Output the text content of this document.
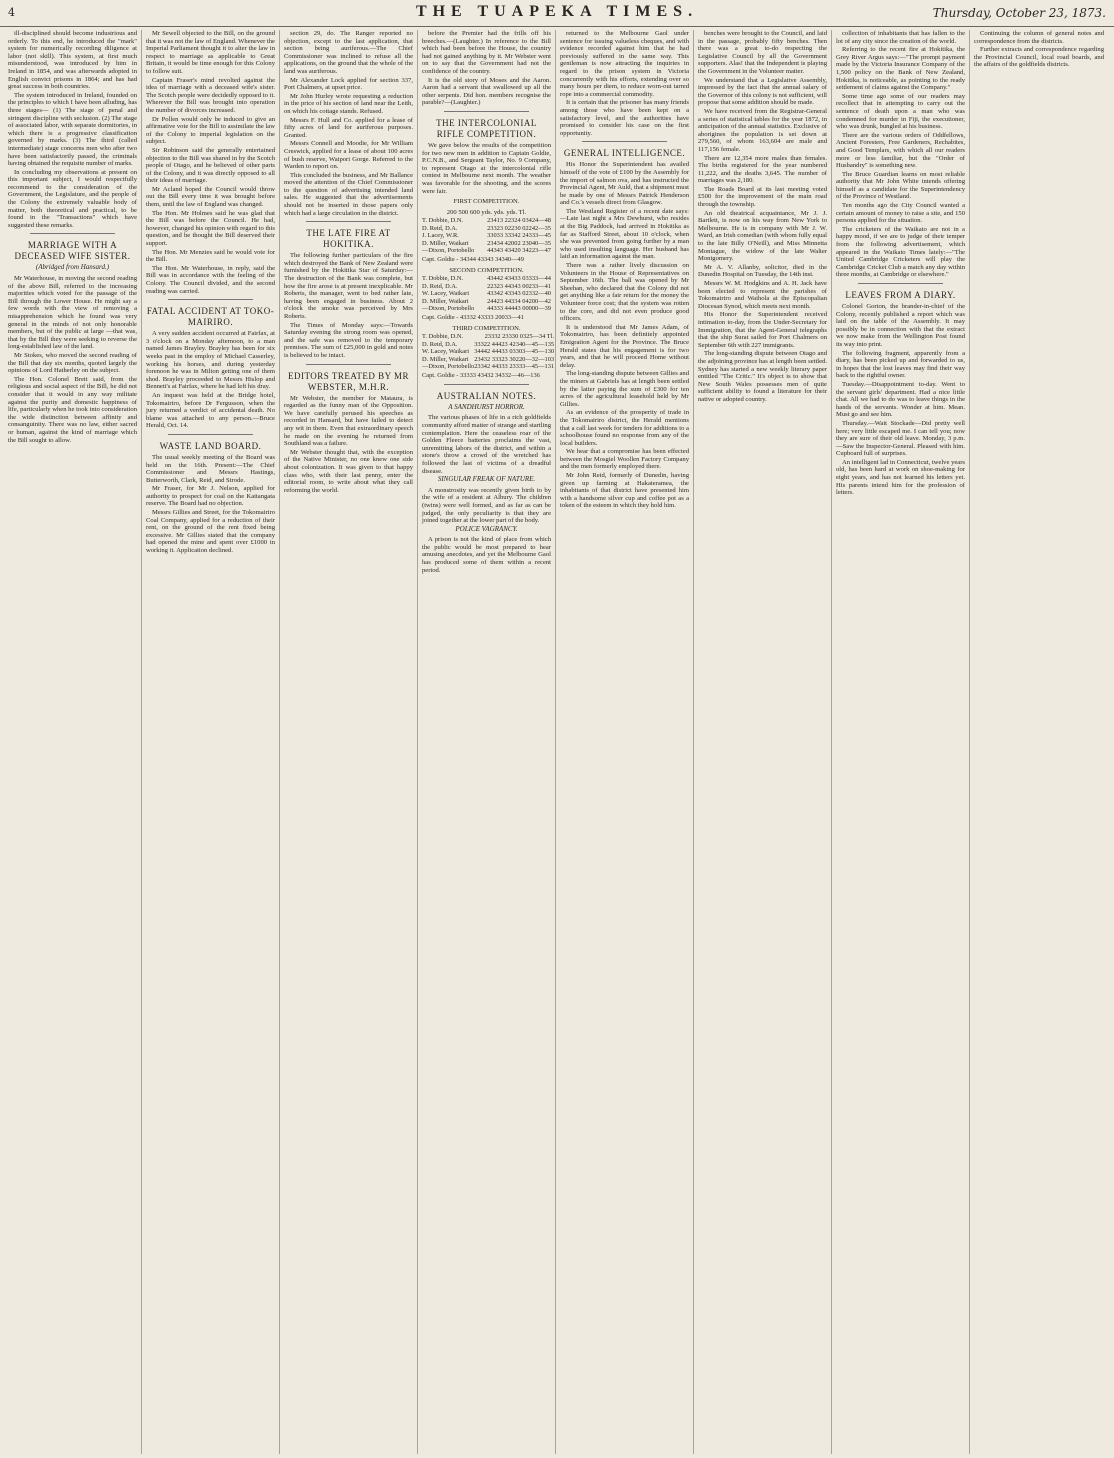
4	THE TUAPEKA TIMES.	Thursday, October 23, 1873.

ill-disciplined should become industrious and orderly. To this end, he introduced the "mark" system for numerically recording diligence at labor (not skill). This system, at first much misunderstood, was introduced by him in Ireland in 1854, and was afterwards adopted in English convict prisons in 1864; and has had great success in both countries.

The system introduced in Ireland, founded on the principles to which I have been alluding, has three stages— (1) The stage of penal and stringent discipline with seclusion. (2) The stage of associated labor, with separate dormitories, in which there is a progressive classification governed by marks. (3) The third (called intermediate) stage concerns men who after two have been satisfactorily passed, the criminals having obtained the requisite number of marks.

In concluding my observations at present on this important subject, I would respectfully recommend to the consideration of the Government, the Legislature, and the people of the Colony the extremely valuable body of matter, both theoretical and practical, to be found in the "Transactions" which have suggested these remarks.

MARRIAGE WITH A DECEASED WIFE SISTER.
(Abridged from Hansard.)

Mr Waterhouse, in moving the second reading of the above Bill, referred to the increasing majorities which voted for the passage of the Bill through the Lower House. He might say a few words with the view of removing a misapprehension which he found was very general in the minds of not only honorable members, but of the public at large —that was, that by the Bill they were seeking to reverse the long-established law of the land.

Mr Stokes, who moved the second reading of the Bill that day six months, quoted largely the opinions of Lord Hatherley on the subject.

The Hon. Colonel Brett said, from the religious and social aspect of the Bill, he did not consider that it would in any way militate against the purity and domestic happiness of life, particularly when he took into consideration the wide distinction between affinity and consanguinity. There was no law, either sacred or human, against the kind of marriage which the Bill sought to allow.

Mr Sewell objected to the Bill, on the ground that it was not the law of England. Whenever the Imperial Parliament thought it to alter the law in respect to marriage as applicable to Great Britain, it would be time enough for this Colony to follow suit.

Captain Fraser's mind revolted against the idea of marriage with a deceased wife's sister. The Scotch people were decidedly opposed to it. Wherever the Bill was brought into operation the number of divorces increased.

Dr Pollen would only be induced to give an affirmative vote for the Bill to assimilate the law of the Colony to imperial legislation on the subject.

Sir Robinson said the generally entertained objection to the Bill was shared in by the Scotch people of Otago, and he believed of other parts of the Colony, and it was directly opposed to all their ideas of marriage.

Mr Acland hoped the Council would throw out the Bill every time it was brought before them, until the law of England was changed.

The Hon. Mr Holmes said he was glad that the Bill was before the Council. He had, however, changed his opinion with regard to this question, and he thought the Bill deserved their support.

The Hon. Mr Menzies said he would vote for the Bill.

The Hon. Mr Waterhouse, in reply, said the Bill was in accordance with the feeling of the Colony. The Council divided, and the second reading was carried.

FATAL ACCIDENT AT TOKO-MAIRIRO.

A very sudden accident occurred at Fairfax, at 3 o'clock on a Monday afternoon, to a man named James Brayley. Brayley has been for six weeks past in the employ of Michael Casserley, working his horses, and during yesterday forenoon he was in Milton getting one of them shod. Brayley proceeded to Messrs Hislop and Bennett's at Fairfax, where he had left his dray.

An inquest was held at the Bridge hotel, Tokomairiro, before Dr Fergusson, when the jury returned a verdict of accidental death. No blame was attached to any person.—Bruce Herald, Oct. 14.

WASTE LAND BOARD.

The usual weekly meeting of the Board was held on the 16th. Present:—The Chief Commissioner and Messrs Hastings, Butterworth, Clark, Reid, and Strode.

Mr Fraser, for Mr J. Nelson, applied for authority to prospect for coal on the Kaitangata reserve. The Board had no objection.

Messrs Gillies and Street, for the Tokomairiro Coal Company, applied for a reduction of their rent, on the ground of the rent fixed being excessive. Mr Gillies stated that the company had opened the mine and spent over £1000 in working it. Application declined.

section 29, do. The Ranger reported no objection, except to the last application, that section being auriferous.—The Chief Commissioner was inclined to refuse all the applications, on the ground that the whole of the land was auriferous.

Mr Alexander Lock applied for section 337, Port Chalmers, at upset price.

Mr John Hurley wrote requesting a reduction in the price of his section of land near the Leith, on which his cottage stands. Refused.

Messrs F. Hull and Co. applied for a lease of fifty acres of land for auriferous purposes. Granted.

Messrs Connell and Moodie, for Mr William Creswick, applied for a lease of about 100 acres of bush reserve, Waipori Gorge. Referred to the Warden to report on.

This concluded the business, and Mr Ballance moved the attention of the Chief Commissioner to the question of advertising intended land sales. He suggested that the advertisements should not be inserted in those papers only which had a large circulation in the district.

THE LATE FIRE AT HOKITIKA.

The following further particulars of the fire which destroyed the Bank of New Zealand were furnished by the Hokitika Star of Saturday:— The destruction of the Bank was complete, but how the fire arose is at present inexplicable. Mr Roberts, the manager, went to bed rather late, having been engaged in business. About 2 o'clock the smoke was perceived by Mrs Roberts.

The Times of Monday says:—Towards Saturday evening the strong room was opened, and the safe was removed to the temporary premises. The sum of £25,000 in gold and notes is believed to be intact.

EDITORS TREATED BY MR WEBSTER, M.H.R.

Mr Webster, the member for Mataura, is regarded as the funny man of the Opposition. We have carefully perused his speeches as recorded in Hansard, but have failed to detect any wit in them. Even that extraordinary speech he made on the evening he returned from Southland was a failure.

Mr Webster thought that, with the exception of the Native Minister, no one knew one side about colonization. It was given to that happy class who, with their last penny, enter the editorial room, to write about what they call reforming the world.

before the Premier had the frills off his breeches.—(Laughter.) In reference to the Bill which had been before the House, the country had not gained anything by it. Mr Webster went on to say that the Government had not the confidence of the country.

It is the old story of Moses and the Aaron. Aaron had a servant that swallowed up all the other serpents. Did hon. members recognise the parable?—(Laughter.)

THE INTERCOLONIAL RIFLE COMPETITION.

We gave below the results of the competition for two new men in addition to Captain Goldie, P.C.N.B., and Sergeant Taylor, No. 9 Company, to represent Otago at the intercolonial rifle contest in Melbourne next month. The weather was favorable for the shooting, and the scores were fair.

FIRST COMPETITION.
200 500 600 yds. yds. yds. Tl.
T. Dobbie, D.N.	23413 22324 03424—48
D. Reid, D.A.	23323 02230 02242—35
J. Lacey, W.R.	33033 33342 24333—45
D. Miller, Waikari	23434 42002 23040—35
—Dixon, Portobello	44343 43420 34223—47
Capt. Goldie - 34344 43343 34340—49	
SECOND COMPETITION.
T. Dobbie, D.N.	43442 43433 03333—44
D. Reid, D.A.	22323 44343 00233—41
W. Lacey, Waikari	43342 43343 02332—40
D. Miller, Waikari	24423 44334 04200—42
—Dixon, Portobello	44333 44443 00000—39
Capt. Goldie - 43332 43333 20033—41	
THIRD COMPETITION.
T. Dobbie, D.N.	23332 23330 0325—34 Tl.
D. Reid, D.A.	33322 44423 42340—45—135
W. Lacey, Waikari	34442 44433 03303—45—130
D. Miller, Waikari	23432 33323 30220—32—103
—Dixon, Portobello	23342 44333 23333—45—131
Capt. Goldie - 33333 43432 34332—46—136	
AUSTRALIAN NOTES.
A SANDHURST HORROR.

The various phases of life in a rich goldfields community afford matter of strange and startling contemplation. Here the ceaseless roar of the Golden Fleece batteries proclaims the vast, unremitting labors of the district, and within a stone's throw a crowd of the wretched has followed the last of victims of a dreadful disease.

SINGULAR FREAK OF NATURE.

A monstrosity was recently given birth to by the wife of a resident at Albury. The children (twins) were well formed, and as far as can be judged, the only peculiarity is that they are joined together at the lower part of the body.

POLICE VAGRANCY.

A prison is not the kind of place from which the public would be most prepared to hear amusing anecdotes, and yet the Melbourne Gaol has produced some of them within a recent period.

returned to the Melbourne Gaol under sentence for issuing valueless cheques, and with evidence recorded against him that he had previously suffered in the same way. This gentleman is now attracting the inquiries in regard to the prison system in Victoria concurrently with his efforts, extending over so many hours per diem, to reduce worn-out tarred rope into a commercial commodity.

It is certain that the prisoner has many friends among those who have been kept on a satisfactory level, and the authorities have promised to consider his case on the first opportunity.

GENERAL INTELLIGENCE.

His Honor the Superintendent has availed himself of the vote of £100 by the Assembly for the import of salmon ova, and has instructed the Provincial Agent, Mr Auld, that a shipment must be made by one of Messrs Patrick Henderson and Co.'s vessels direct from Glasgow.

The Westland Register of a recent date says:—Late last night a Mrs Dewhurst, who resides at the Big Paddock, had arrived in Hokitika as far as Stafford Street, about 10 o'clock, when she was prevented from going further by a man who used insulting language. Her husband has laid an information against the man.

There was a rather lively discussion on Volunteers in the House of Representatives on September 16th. The ball was opened by Mr Sheehan, who declared that the Colony did not get anything like a fair return for the money the Volunteer force cost; that the system was rotten to the core, and did not even produce good officers.

It is understood that Mr James Adam, of Tokomairiro, has been definitely appointed Emigration Agent for the Province. The Bruce Herald states that his engagement is for two years, and that he will proceed Home without delay.

The long-standing dispute between Gillies and the miners at Gabriels has at length been settled by the latter paying the sum of £300 for ten acres of the agricultural leasehold held by Mr Gillies.

As an evidence of the prosperity of trade in the Tokomairiro district, the Herald mentions that a call last week for tenders for additions to a schoolhouse found no response from any of the local builders.

We hear that a compromise has been effected between the Mosgiel Woollen Factory Company and the men formerly employed there.

Mr John Reid, formerly of Dunedin, having given up farming at Hakateramea, the inhabitants of that district have presented him with a handsome silver cup and coffee pot as a token of the esteem in which they hold him.

benches were brought to the Council, and laid in the passage, probably fifty benches. Then there was a great to-do respecting the Legislative Council by all the Government supporters. Alas! that the Independent is playing the Government in the Volunteer matter.

We understand that a Legislative Assembly, impressed by the fact that the annual salary of the Governor of this colony is not sufficient, will propose that some addition should be made.

We have received from the Registrar-General a series of statistical tables for the year 1872, in anticipation of the annual statistics. Exclusive of aborigines the population is set down at 279,560, of whom 163,604 are male and 117,156 female.

There are 12,354 more males than females. The births registered for the year numbered 11,222, and the deaths 3,645. The number of marriages was 2,180.

The Roads Board at its last meeting voted £500 for the improvement of the main road through the township.

An old theatrical acquaintance, Mr J. J. Bartlett, is now on his way from New York to Melbourne. He is in company with Mr J. W. Ward, an Irish comedian (with whom fully equal to the late Billy O'Neill), and Miss Minnetta Montague, the widow of the late Walter Montgomery.

Mr A. V. Allanby, solicitor, died in the Dunedin Hospital on Tuesday, the 14th inst.

Messrs W. M. Hodgkins and A. H. Jack have been elected to represent the parishes of Tokomairiro and Waihola at the Episcopalian Diocesan Synod, which meets next month.

His Honor the Superintendent received intimation to-day, from the Under-Secretary for Immigration, that the Agent-General telegraphs that the ship Surat sailed for Port Chalmers on September 6th with 227 immigrants.

The long-standing dispute between Otago and the adjoining province has at length been settled. Sydney has started a new weekly literary paper entitled "The Critic." It's object is to show that New South Wales possesses men of quite sufficient ability to found a literature for their native or adopted country.

collection of inhabitants that has fallen to the lot of any city since the creation of the world.

Referring to the recent fire at Hokitika, the Grey River Argus says:—"The prompt payment made by the Victoria Insurance Company of the 1,500 policy on the Bank of New Zealand, Hokitika, is noticeable, as pointing to the ready settlement of claims against the Company."

Some time ago some of our readers may recollect that in attempting to carry out the sentence of death upon a man who was condemned for murder in Fiji, the executioner, who was drunk, bungled at his business.

There are the various orders of Oddfellows, Ancient Foresters, Free Gardeners, Rechabites, and Good Templars, with which all our readers more or less familiar, but the "Order of Husbandry" is something new.

The Bruce Guardian learns on most reliable authority that Mr John White intends offering himself as a candidate for the Superintendency of the Province of Westland.

Ten months ago the City Council wanted a certain amount of money to raise a site, and 150 persons applied for the situation.

The cricketers of the Waikato are not in a happy mood, if we are to judge of their temper from the following advertisement, which appeared in the Waikato Times lately:—"The United Cambridge Cricketers will play the Cambridge Cricket Club a match any day within three months, at Cambridge or elsewhere."

LEAVES FROM A DIARY.

Colonel Gorton, the brander-in-chief of the Colony, recently published a report which was laid on the table of the Assembly. It may possibly be in connection with that the extract we now make from the Wellington Post found its way into print.

The following fragment, apparently from a diary, has been picked up and forwarded to us, in hopes that the lost leaves may find their way back to the rightful owner.

Tuesday.—Disappointment to-day. Went to the servant girls' department. Had a nice little chat. All we had to do was to leave things in the hands of the servants. Wonder at him. Mean. Must go and see him.

Thursday.—Wait Stockade—Did pretty well here; very little escaped me. I can tell you; now they are sure of their old leave. Monday, 3 p.m.—Saw the Inspector-General. Pleased with him. Cupboard full of surprises.

An intelligent lad in Connecticut, twelve years old, has been hard at work on shoe-making for eight years, and has not learned his letters yet. His parents intend him for the profession of letters.

Continuing the column of general notes and correspondence from the districts.

Further extracts and correspondence regarding the Provincial Council, local road boards, and the affairs of the goldfields districts.
